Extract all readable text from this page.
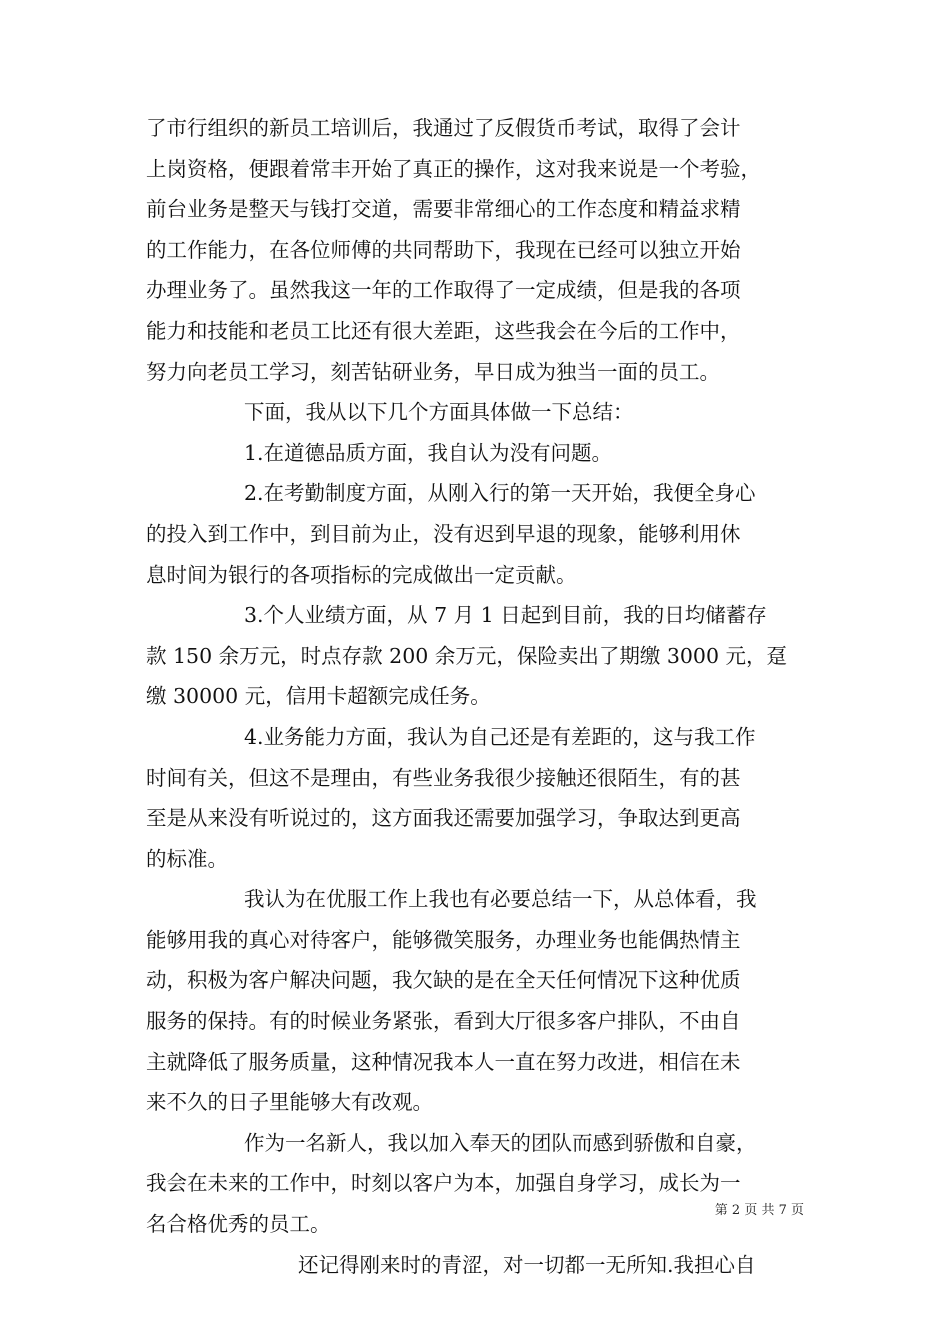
了市行组织的新员工培训后，我通过了反假货币考试，取得了会计
上岗资格，便跟着常丰开始了真正的操作，这对我来说是一个考验，
前台业务是整天与钱打交道，需要非常细心的工作态度和精益求精
的工作能力，在各位师傅的共同帮助下，我现在已经可以独立开始
办理业务了。虽然我这一年的工作取得了一定成绩，但是我的各项
能力和技能和老员工比还有很大差距，这些我会在今后的工作中，
努力向老员工学习，刻苦钻研业务，早日成为独当一面的员工。
下面，我从以下几个方面具体做一下总结：
1.在道德品质方面，我自认为没有问题。
2.在考勤制度方面，从刚入行的第一天开始，我便全身心
的投入到工作中，到目前为止，没有迟到早退的现象，能够利用休
息时间为银行的各项指标的完成做出一定贡献。
3.个人业绩方面，从 7 月 1 日起到目前，我的日均储蓄存
款 150 余万元，时点存款 200 余万元，保险卖出了期缴 3000 元，趸
缴 30000 元，信用卡超额完成任务。
4.业务能力方面，我认为自己还是有差距的，这与我工作
时间有关，但这不是理由，有些业务我很少接触还很陌生，有的甚
至是从来没有听说过的，这方面我还需要加强学习，争取达到更高
的标准。
我认为在优服工作上我也有必要总结一下，从总体看，我
能够用我的真心对待客户，能够微笑服务，办理业务也能偶热情主
动，积极为客户解决问题，我欠缺的是在全天任何情况下这种优质
服务的保持。有的时候业务紧张，看到大厅很多客户排队，不由自
主就降低了服务质量，这种情况我本人一直在努力改进，相信在未
来不久的日子里能够大有改观。
作为一名新人，我以加入奉天的团队而感到骄傲和自豪，
我会在未来的工作中，时刻以客户为本，加强自身学习，成长为一
名合格优秀的员工。
还记得刚来时的青涩，对一切都一无所知.我担心自
第 2 页 共 7 页
